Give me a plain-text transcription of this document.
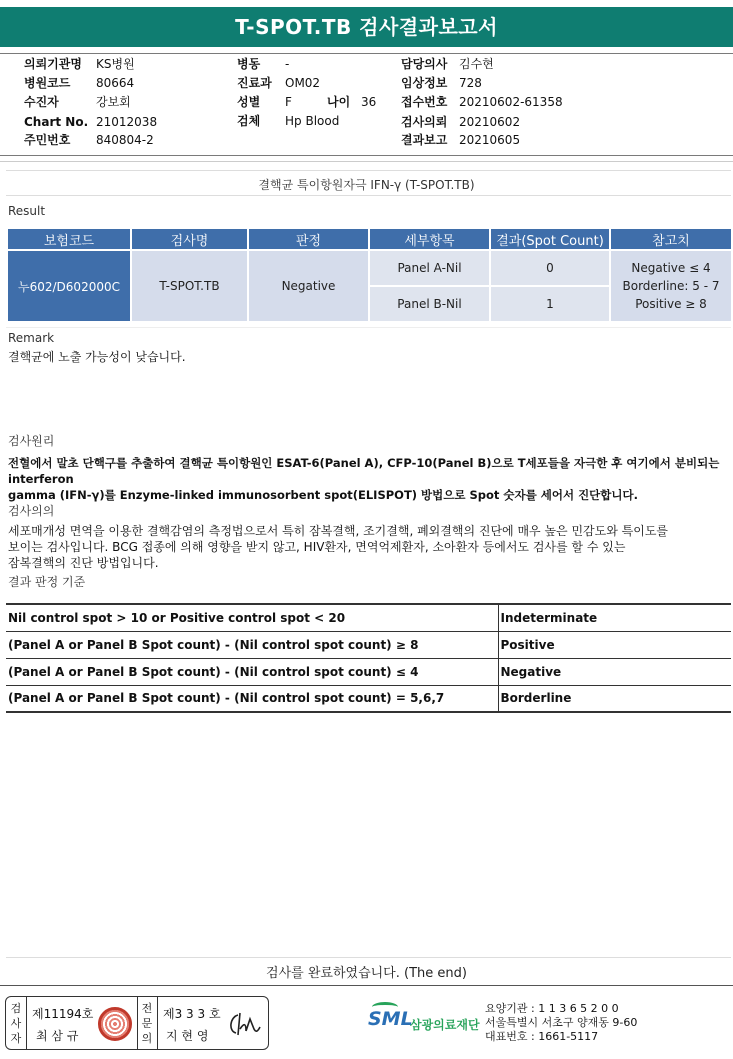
T-SPOT.TB 검사결과보고서
의뢰기관명 KS병원
병원코드 80664
수진자	강보회
Chart No. 21012038
주민번호 840804-2
병동 -
진료과 OM02
성별 F	나이 36
검체 Hp Blood
담당의사 김수현
임상정보 728
접수번호 20210602-61358
검사의뢰 20210602
결과보고 20210605
결핵균 특이항원자극 IFN-γ (T-SPOT.TB)
Result
보험코드	검사명	판정	세부항목	결과(Spot Count)	참고치
누602/D602000C	T-SPOT.TB	Negative	Panel A-Nil	0	Negative ≤ 4
Borderline: 5 - 7
Positive ≥ 8

			Panel B-Nil	1	
Remark
결핵균에 노출 가능성이 낮습니다.
검사원리
전혈에서 말초 단핵구를 추출하여 결핵균 특이항원인 ESAT-6(Panel A), CFP-10(Panel B)으로 T세포들을 자극한 후 여기에서 분비되는 interferon
gamma (IFN-γ)를 Enzyme-linked immunosorbent spot(ELISPOT) 방법으로 Spot 숫자를 세어서 진단합니다.
검사의의
세포매개성 면역을 이용한 결핵감염의 측정법으로서 특히 잠복결핵, 조기결핵, 폐외결핵의 진단에 매우 높은 민감도와 특이도를
보이는 검사입니다. BCG 접종에 의해 영향을 받지 않고, HIV환자, 면역억제환자, 소아환자 등에서도 검사를 할 수 있는
잠복결핵의 진단 방법입니다.
결과 판정 기준
Nil control spot > 10 or Positive control spot < 20	Indeterminate
(Panel A or Panel B Spot count) - (Nil control spot count) ≥ 8	Positive
(Panel A or Panel B Spot count) - (Nil control spot count) ≤ 4	Negative
(Panel A or Panel B Spot count) - (Nil control spot count) = 5,6,7	Borderline
검사를 완료하였습니다. (The end)
검사자
제11194호
최 삼 규
전문의
제3 3 3 호
지 현 영
SML
삼광의료재단
요양기관 : 1 1 3 6 5 2 0 0
서울특별시 서초구 양재동 9-60
대표번호 : 1661-5117
